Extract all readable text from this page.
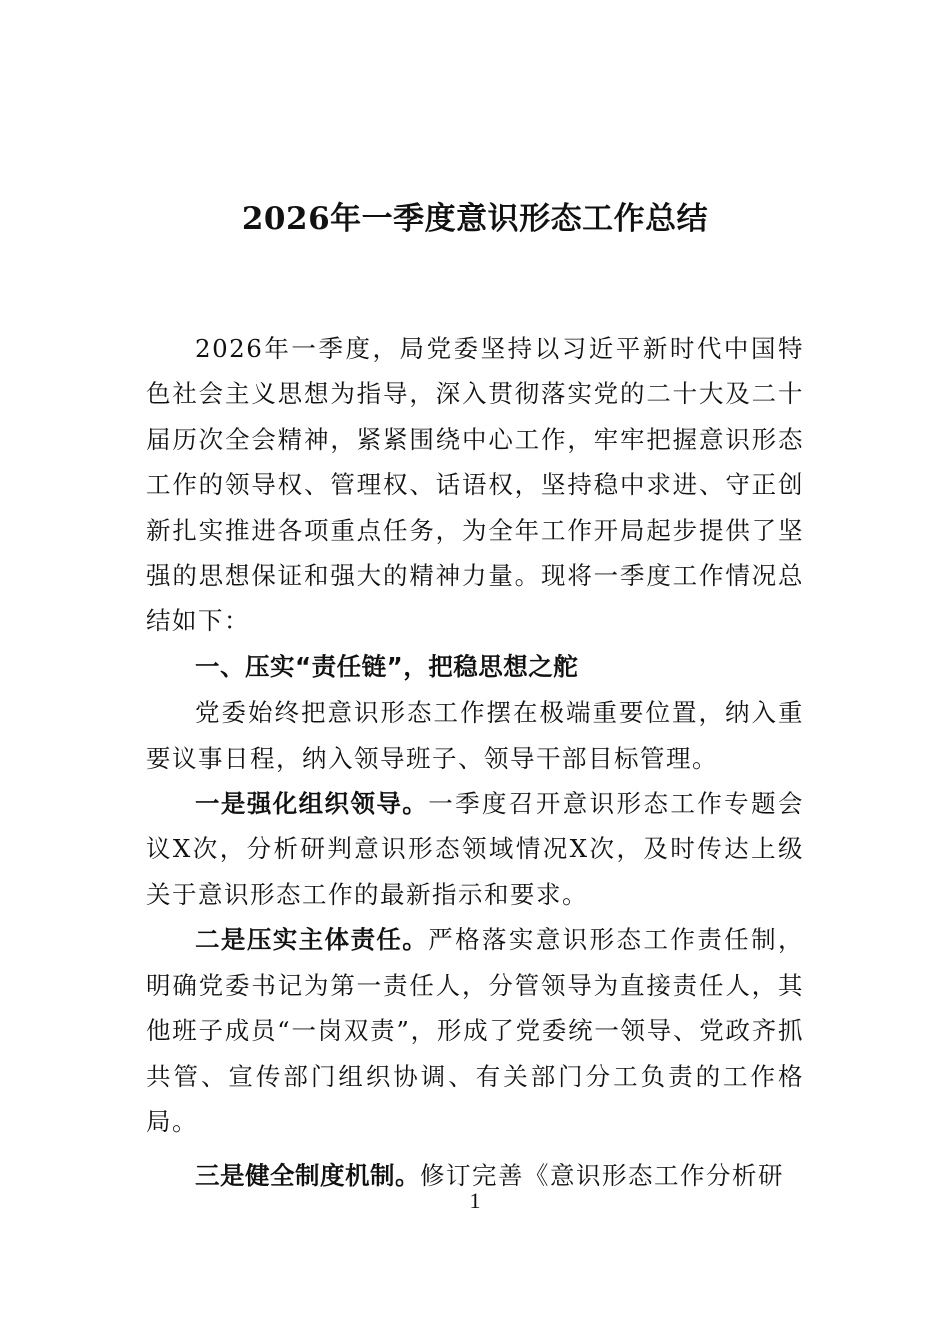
2026年一季度意识形态工作总结

2026年一季度，局党委坚持以习近平新时代中国特色社会主义思想为指导，深入贯彻落实党的二十大及二十届历次全会精神，紧紧围绕中心工作，牢牢把握意识形态工作的领导权、管理权、话语权，坚持稳中求进、守正创新扎实推进各项重点任务，为全年工作开局起步提供了坚强的思想保证和强大的精神力量。现将一季度工作情况总结如下：

一、压实“责任链”，把稳思想之舵

党委始终把意识形态工作摆在极端重要位置，纳入重要议事日程，纳入领导班子、领导干部目标管理。

一是强化组织领导。一季度召开意识形态工作专题会议X次，分析研判意识形态领域情况X次，及时传达上级关于意识形态工作的最新指示和要求。

二是压实主体责任。严格落实意识形态工作责任制，明确党委书记为第一责任人，分管领导为直接责任人，其他班子成员“一岗双责”，形成了党委统一领导、党政齐抓共管、宣传部门组织协调、有关部门分工负责的工作格局。

三是健全制度机制。修订完善《意识形态工作分析研

1
